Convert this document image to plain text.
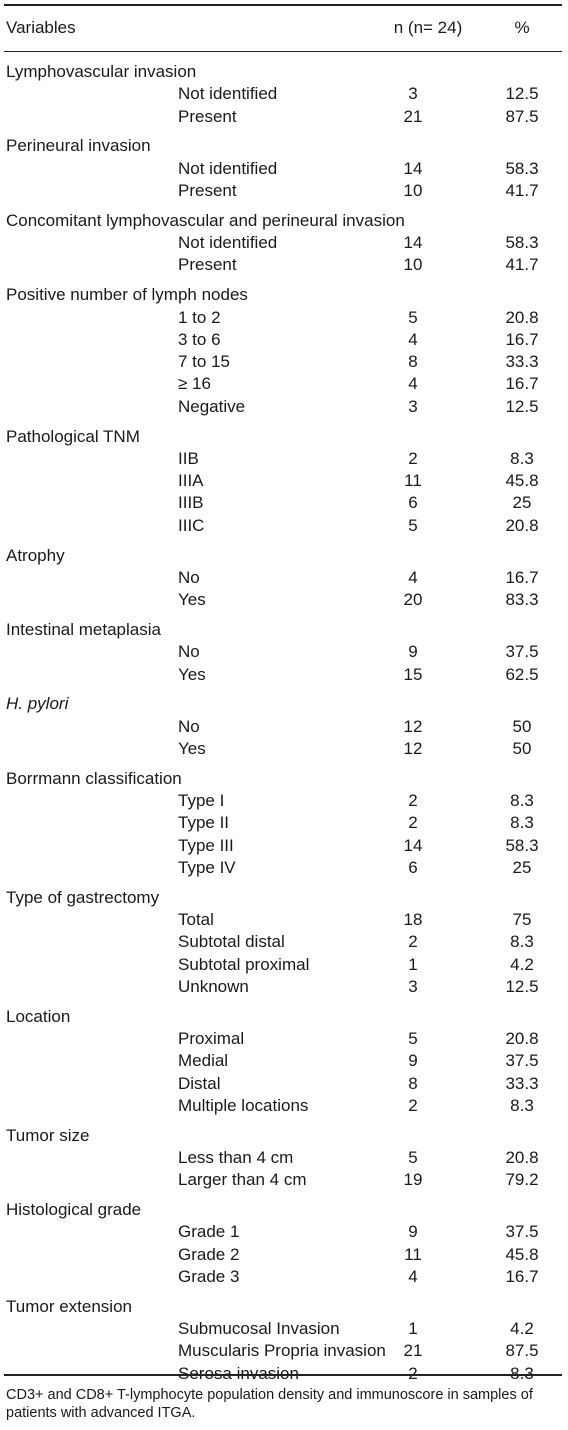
Variables	n (n= 24)	%
Lymphovascular invasion
Not identified	3	12.5
Present	21	87.5
Perineural invasion
Not identified	14	58.3
Present	10	41.7
Concomitant lymphovascular and perineural invasion
Not identified	14	58.3
Present	10	41.7
Positive number of lymph nodes
1 to 2	5	20.8
3 to 6	4	16.7
7 to 15	8	33.3
≥ 16	4	16.7
Negative	3	12.5
Pathological TNM
IIB	2	8.3
IIIA	11	45.8
IIIB	6	25
IIIC	5	20.8
Atrophy
No	4	16.7
Yes	20	83.3
Intestinal metaplasia
No	9	37.5
Yes	15	62.5
H. pylori
No	12	50
Yes	12	50
Borrmann classification
Type I	2	8.3
Type II	2	8.3
Type III	14	58.3
Type IV	6	25
Type of gastrectomy
Total	18	75
Subtotal distal	2	8.3
Subtotal proximal	1	4.2
Unknown	3	12.5
Location
Proximal	5	20.8
Medial	9	37.5
Distal	8	33.3
Multiple locations	2	8.3
Tumor size
Less than 4 cm	5	20.8
Larger than 4 cm	19	79.2
Histological grade
Grade 1	9	37.5
Grade 2	11	45.8
Grade 3	4	16.7
Tumor extension
Submucosal Invasion	1	4.2
Muscularis Propria invasion	21	87.5
Serosa invasion	2	8.3
CD3+ and CD8+ T-lymphocyte population density and immunoscore in samples of patients with advanced ITGA.
